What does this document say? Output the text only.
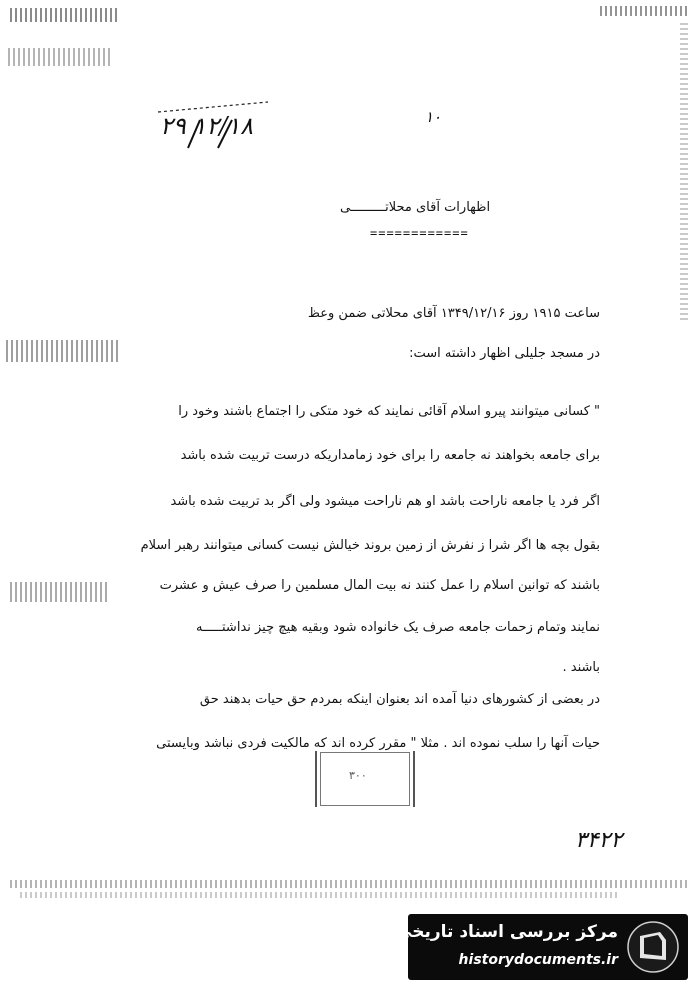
۱۰
۲۹ ۱۲/۱۸
اظهارات آقای محلاتـــــــــی
============
ساعت ۱۹۱۵ روز ۱۳۴۹/۱۲/۱۶ آقای محلاتی ضمن وعظ
در مسجد جلیلی اظهار داشته است:
" کسانی میتوانند پیرو اسلام آقائی نمایند که خود متکی را اجتماع باشند وخود را
برای جامعه بخواهند نه جامعه را برای خود زمامداریکه درست تربیت شده باشد
اگر فرد یا جامعه ناراحت باشد او هم ناراحت میشود ولی اگر بد تربیت شده باشد
بقول بچه ها اگر شرا ز نفرش از زمین بروند خیالش نیست کسانی میتوانند رهبر اسلام
باشند که توانین اسلام را عمل کنند نه بیت المال مسلمین را صرف عیش و عشرت
نمایند وتمام زحمات جامعه صرف یک خانواده شود وبقیه هیچ چیز نداشتـــــه
باشند .
در بعضی از کشورهای دنیا آمده اند بعنوان اینکه بمردم حق حیات بدهند حق
حیات آنها را سلب نموده اند . مثلا " مقرر کرده اند که مالکیت فردی نباشد وبایستی
۳۰۰
۳۴۲۲
مرکز بررسی اسناد تاریخی
historydocuments.ir
